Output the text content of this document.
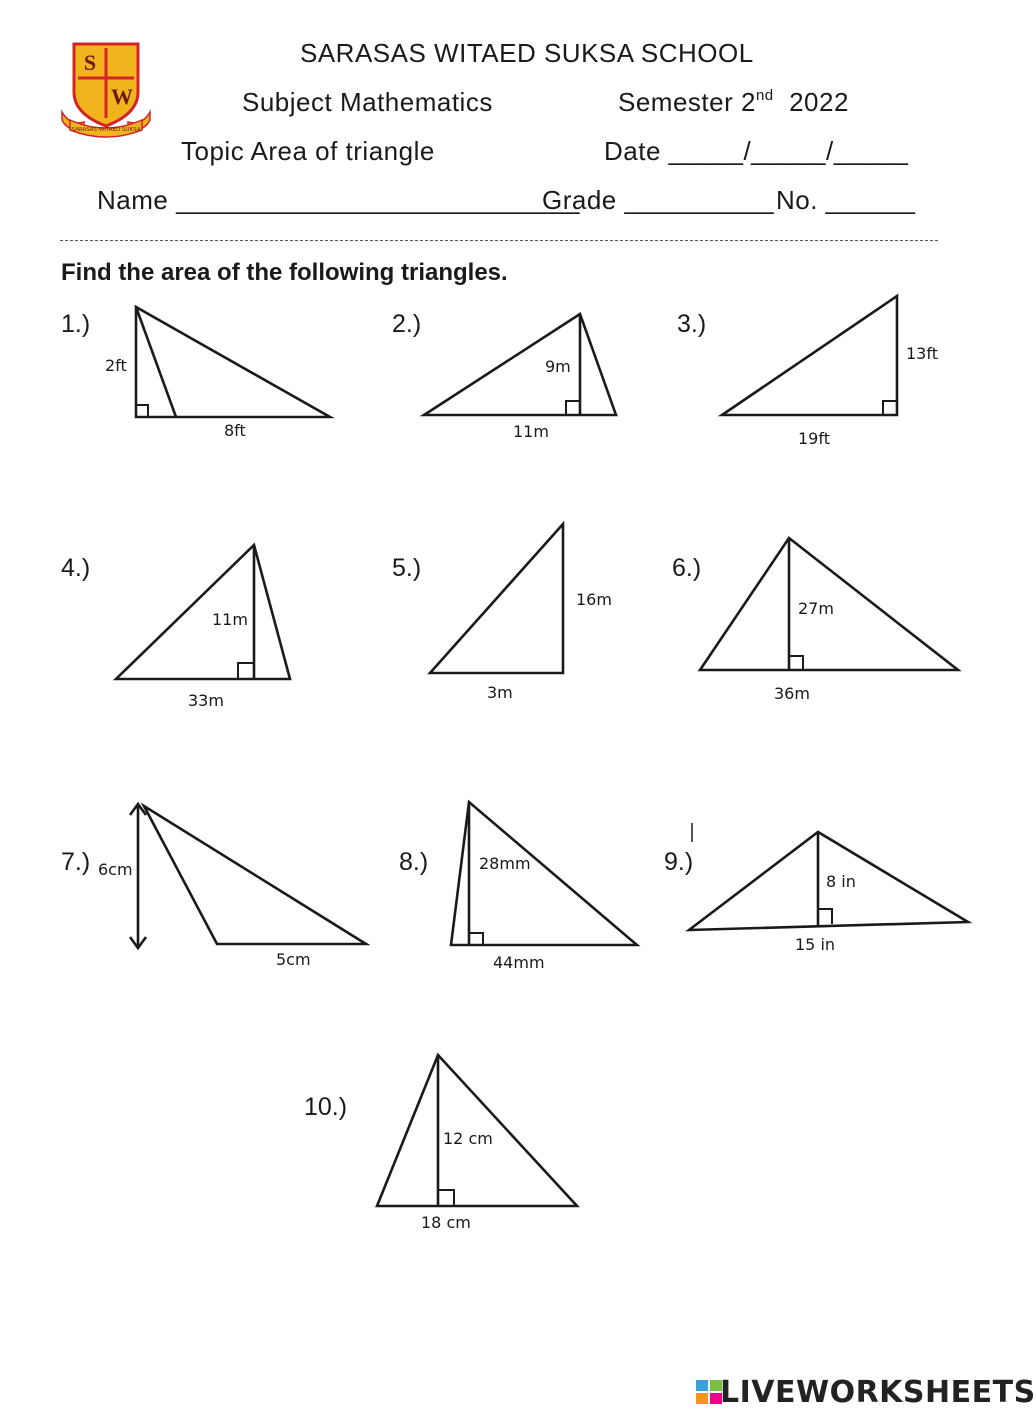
S
W
SARASAS WITAED SUKSA
SARASAS WITAED SUKSA SCHOOL
Subject Mathematics	Semester 2nd 2022
Topic Area of triangle	Date _____/_____/_____
Name ___________________________
Grade __________ No. ______
Find the area of the following triangles.
1.)	2.)	3.)
4.)	5.)	6.)
7.)	8.)	9.)
10.)
2ft
8ft
9m
11m
13ft
19ft
11m
33m
16m
3m
27m
36m
6cm
5cm
28mm
44mm
8 in
15 in
12 cm
18 cm
LIVEWORKSHEETS
